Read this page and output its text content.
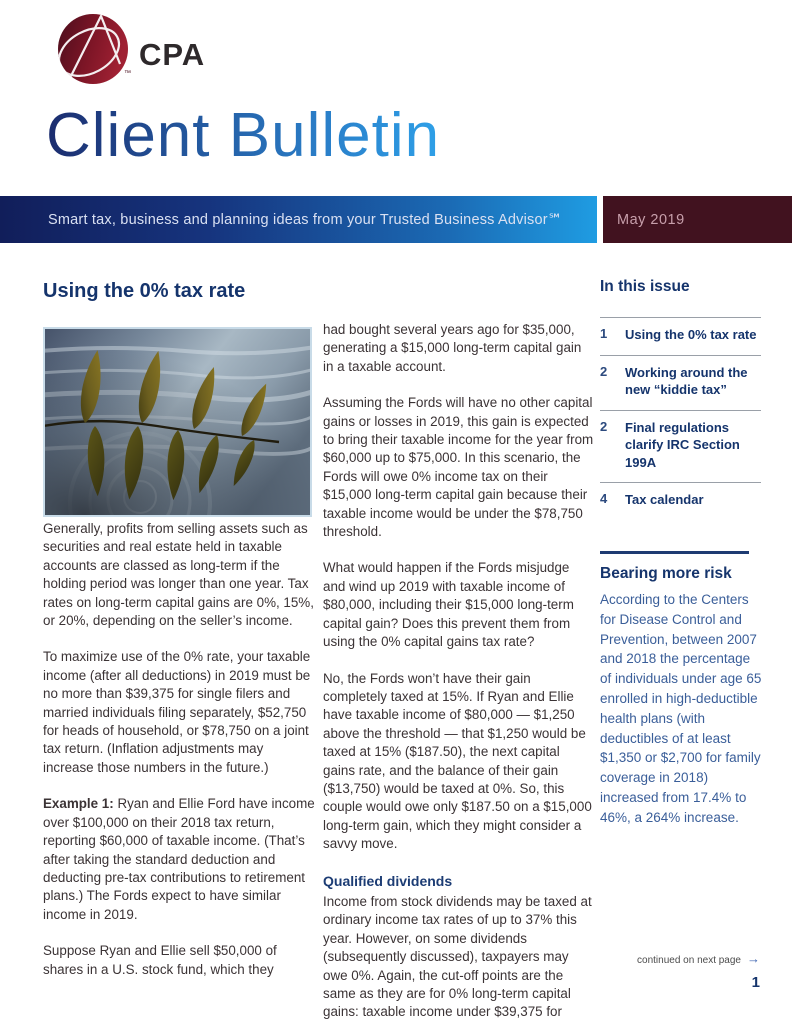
™
CPA
Client Bulletin
Smart tax, business and planning ideas from your Trusted Business Advisor℠	May 2019
Using the 0% tax rate

Generally, profits from selling assets such as securities and real estate held in taxable accounts are classed as long-term if the holding period was longer than one year. Tax rates on long-term capital gains are 0%, 15%, or 20%, depending on the seller’s income.

To maximize use of the 0% rate, your taxable income (after all deductions) in 2019 must be no more than $39,375 for single filers and married individuals filing separately, $52,750 for heads of household, or $78,750 on a joint tax return. (Inflation adjustments may increase those numbers in the future.)

Example 1: Ryan and Ellie Ford have income over $100,000 on their 2018 tax return, reporting $60,000 of taxable income. (That’s after taking the standard deduction and deducting pre-tax contributions to retirement plans.) The Fords expect to have similar income in 2019.

Suppose Ryan and Ellie sell $50,000 of shares in a U.S. stock fund, which they

had bought several years ago for $35,000, generating a $15,000 long-term capital gain in a taxable account.

Assuming the Fords will have no other capital gains or losses in 2019, this gain is expected to bring their taxable income for the year from $60,000 up to $75,000. In this scenario, the Fords will owe 0% income tax on their $15,000 long-term capital gain because their taxable income would be under the $78,750 threshold.

What would happen if the Fords misjudge and wind up 2019 with taxable income of $80,000, including their $15,000 long-term capital gain? Does this prevent them from using the 0% capital gains tax rate?

No, the Fords won’t have their gain completely taxed at 15%. If Ryan and Ellie have taxable income of $80,000 — $1,250 above the threshold — that $1,250 would be taxed at 15% ($187.50), the next capital gains rate, and the balance of their gain ($13,750) would be taxed at 0%. So, this couple would owe only $187.50 on a $15,000 long-term gain, which they might consider a savvy move.

Qualified dividends

Income from stock dividends may be taxed at ordinary income tax rates of up to 37% this year. However, on some dividends (subsequently discussed), taxpayers may owe 0%. Again, the cut-off points are the same as they are for 0% long-term capital gains: taxable income under $39,375 for

In this issue
1	Using the 0% tax rate
2	Working around the new “kiddie tax”
2	Final regulations clarify IRC Section 199A
4	Tax calendar
Bearing more risk

According to the Centers for Disease Control and Prevention, between 2007 and 2018 the percentage of individuals under age 65 enrolled in high-deductible health plans (with deductibles of at least $1,350 or $2,700 for family coverage in 2018) increased from 17.4% to 46%, a 264% increase.

continued on next page →
1
